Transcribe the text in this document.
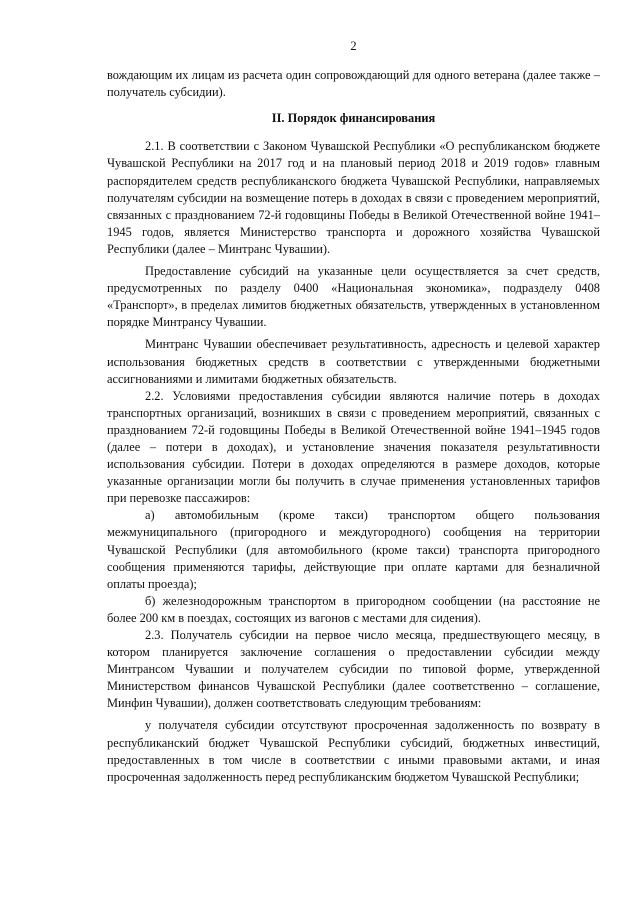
2

вождающим их лицам из расчета один сопровождающий для одного ветерана (далее также – получатель субсидии).

II. Порядок финансирования

2.1. В соответствии с Законом Чувашской Республики «О республиканском бюджете Чувашской Республики на 2017 год и на плановый период 2018 и 2019 годов» главным распорядителем средств республиканского бюджета Чувашской Республики, направляемых получателям субсидии на возмещение потерь в доходах в связи с проведением мероприятий, связанных с празднованием 72-й годовщины Победы в Великой Отечественной войне 1941–1945 годов, является Министерство транспорта и дорожного хозяйства Чувашской Республики (далее – Минтранс Чувашии).

Предоставление субсидий на указанные цели осуществляется за счет средств, предусмотренных по разделу 0400 «Национальная экономика», подразделу 0408 «Транспорт», в пределах лимитов бюджетных обязательств, утвержденных в установленном порядке Минтрансу Чувашии.

Минтранс Чувашии обеспечивает результативность, адресность и целевой характер использования бюджетных средств в соответствии с утвержденными бюджетными ассигнованиями и лимитами бюджетных обязательств.

2.2. Условиями предоставления субсидии являются наличие потерь в доходах транспортных организаций, возникших в связи с проведением мероприятий, связанных с празднованием 72-й годовщины Победы в Великой Отечественной войне 1941–1945 годов (далее – потери в доходах), и установление значения показателя результативности использования субсидии. Потери в доходах определяются в размере доходов, которые указанные организации могли бы получить в случае применения установленных тарифов при перевозке пассажиров:

а) автомобильным (кроме такси) транспортом общего пользования межмуниципального (пригородного и междугородного) сообщения на территории Чувашской Республики (для автомобильного (кроме такси) транспорта пригородного сообщения применяются тарифы, действующие при оплате картами для безналичной оплаты проезда);

б) железнодорожным транспортом в пригородном сообщении (на расстояние не более 200 км в поездах, состоящих из вагонов с местами для сидения).

2.3. Получатель субсидии на первое число месяца, предшествующего месяцу, в котором планируется заключение соглашения о предоставлении субсидии между Минтрансом Чувашии и получателем субсидии по типовой форме, утвержденной Министерством финансов Чувашской Республики (далее соответственно – соглашение, Минфин Чувашии), должен соответствовать следующим требованиям:

у получателя субсидии отсутствуют просроченная задолженность по возврату в республиканский бюджет Чувашской Республики субсидий, бюджетных инвестиций, предоставленных в том числе в соответствии с иными правовыми актами, и иная просроченная задолженность перед республиканским бюджетом Чувашской Республики;
